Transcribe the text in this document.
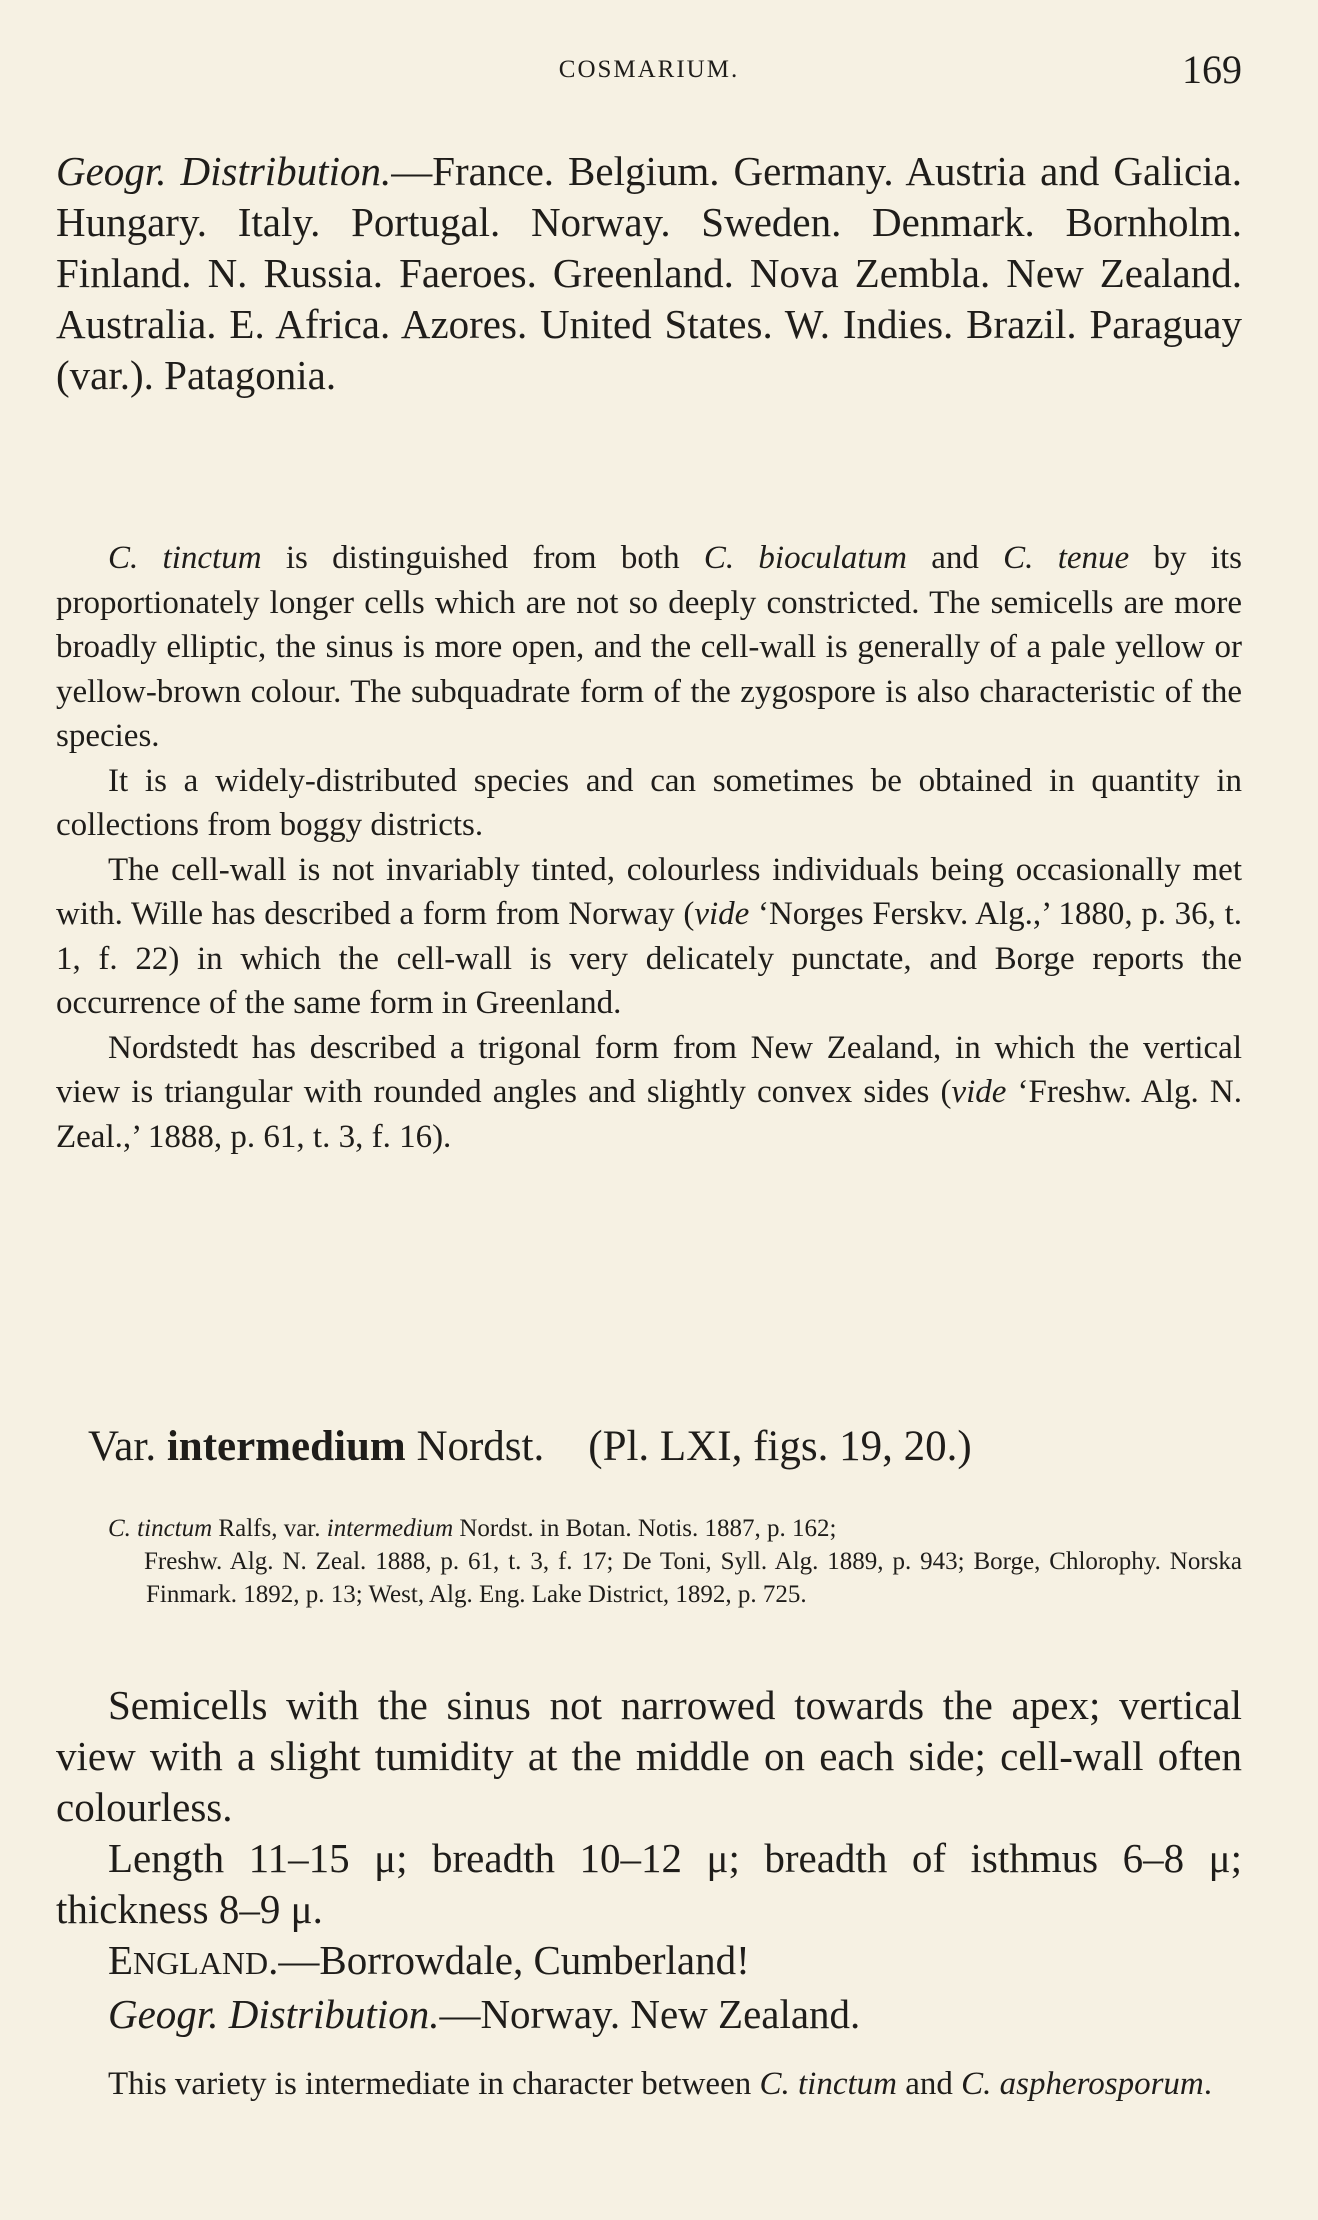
COSMARIUM.	169

Geogr. Distribution.—France. Belgium. Germany. Austria and Galicia. Hungary. Italy. Portugal. Norway. Sweden. Denmark. Bornholm. Finland. N. Russia. Faeroes. Greenland. Nova Zembla. New Zealand. Australia. E. Africa. Azores. United States. W. Indies. Brazil. Paraguay (var.). Patagonia.

C. tinctum is distinguished from both C. bioculatum and C. tenue by its proportionately longer cells which are not so deeply constricted. The semicells are more broadly elliptic, the sinus is more open, and the cell-wall is generally of a pale yellow or yellow-brown colour. The subquadrate form of the zygospore is also characteristic of the species.

It is a widely-distributed species and can sometimes be obtained in quantity in collections from boggy districts.

The cell-wall is not invariably tinted, colourless individuals being occasionally met with. Wille has described a form from Norway (vide ‘Norges Ferskv. Alg.,’ 1880, p. 36, t. 1, f. 22) in which the cell-wall is very delicately punctate, and Borge reports the occurrence of the same form in Greenland.

Nordstedt has described a trigonal form from New Zealand, in which the vertical view is triangular with rounded angles and slightly convex sides (vide ‘Freshw. Alg. N. Zeal.,’ 1888, p. 61, t. 3, f. 16).

Var. intermedium Nordst. (Pl. LXI, figs. 19, 20.)

C. tinctum Ralfs, var. intermedium Nordst. in Botan. Notis. 1887, p. 162;

Freshw. Alg. N. Zeal. 1888, p. 61, t. 3, f. 17; De Toni, Syll. Alg. 1889, p. 943; Borge, Chlorophy. Norska Finmark. 1892, p. 13; West, Alg. Eng. Lake District, 1892, p. 725.

Semicells with the sinus not narrowed towards the apex; vertical view with a slight tumidity at the middle on each side; cell-wall often colourless.

Length 11–15 μ; breadth 10–12 μ; breadth of isthmus 6–8 μ; thickness 8–9 μ.

ENGLAND.—Borrowdale, Cumberland!

Geogr. Distribution.—Norway. New Zealand.

This variety is intermediate in character between C. tinctum and C. aspherosporum.
